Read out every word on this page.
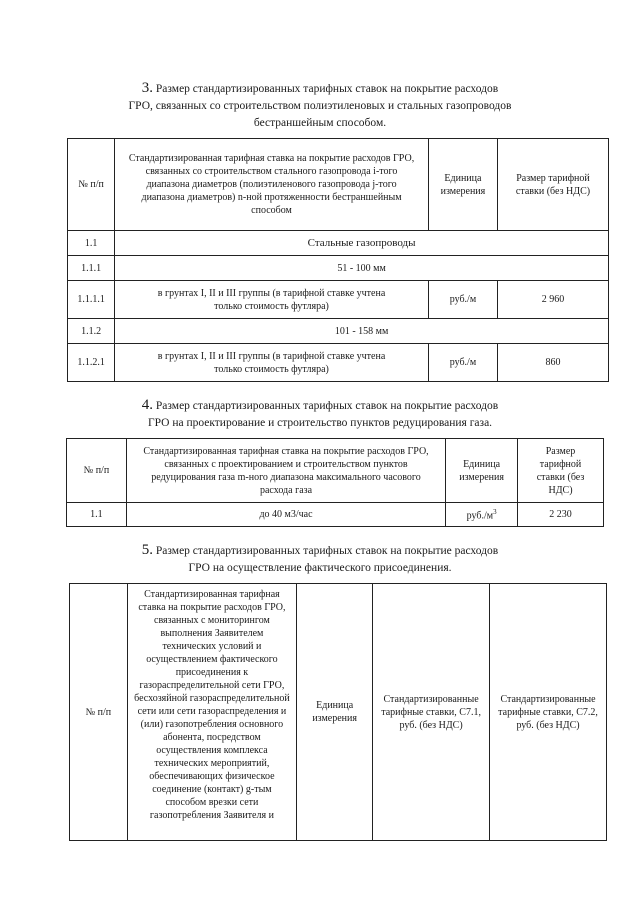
3. Размер стандартизированных тарифных ставок на покрытие расходов
ГРО, связанных со строительством полиэтиленовых и стальных газопроводов
бестраншейным способом.
№ п/п	Стандартизированная тарифная ставка на покрытие расходов ГРО, связанных со строительством стального газопровода i-того диапазона диаметров (полиэтиленового газопровода j-того диапазона диаметров) n-ной протяженности бестраншейным способом	Единица измерения	Размер тарифной ставки (без НДС)
1.1	Стальные газопроводы		
1.1.1	51 - 100 мм		
1.1.1.1	в грунтах I, II и III группы (в тарифной ставке учтена только стоимость футляра)	руб./м	2 960
1.1.2	101 - 158 мм		
1.1.2.1	в грунтах I, II и III группы (в тарифной ставке учтена только стоимость футляра)	руб./м	860
4. Размер стандартизированных тарифных ставок на покрытие расходов
ГРО на проектирование и строительство пунктов редуцирования газа.
№ п/п	Стандартизированная тарифная ставка на покрытие расходов ГРО, связанных с проектированием и строительством пунктов редуцирования газа m-ного диапазона максимального часового расхода газа	Единица измерения	Размер тарифной ставки (без НДС)
1.1	до 40 м3/час	$руб./м^3$	2 230
5. Размер стандартизированных тарифных ставок на покрытие расходов
ГРО на осуществление фактического присоединения.
№ п/п	Стандартизированная тарифная ставка на покрытие расходов ГРО, связанных с мониторингом выполнения Заявителем технических условий и осуществлением фактического присоединения к газораспределительной сети ГРО, бесхозяйной газораспределительной сети или сети газораспределения и (или) газопотребления основного абонента, посредством осуществления комплекса технических мероприятий, обеспечивающих физическое соединение (контакт) g-тым способом врезки сети газопотребления Заявителя и	Единица измерения	Стандартизированные тарифные ставки, С7.1, руб. (без НДС)	Стандартизированные тарифные ставки, С7.2, руб. (без НДС)
